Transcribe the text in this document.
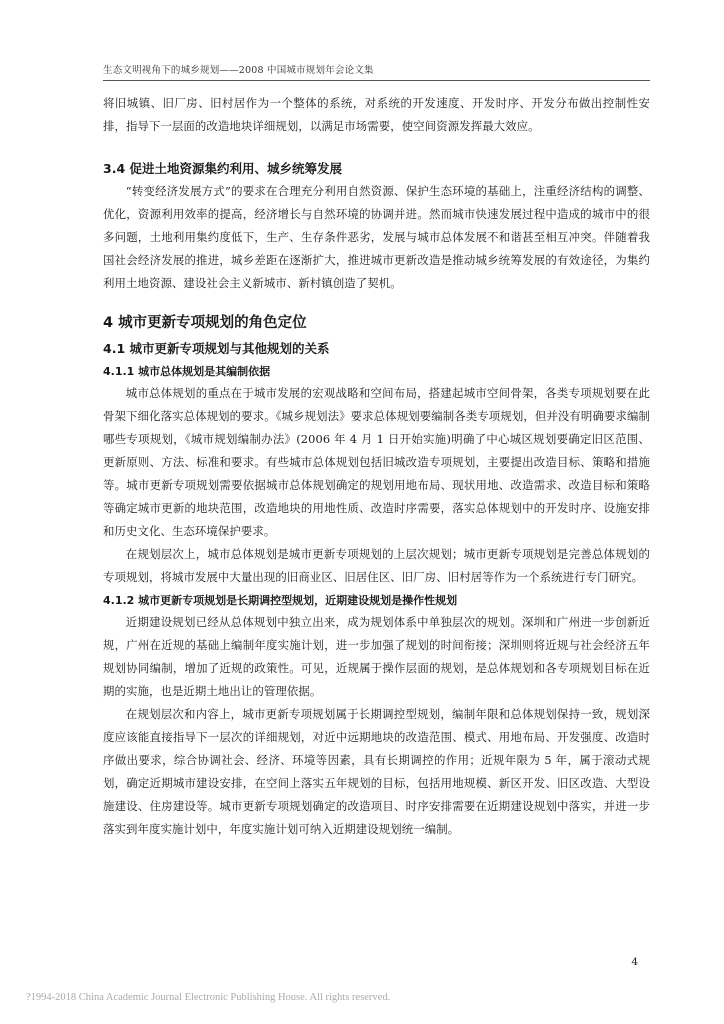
生态文明视角下的城乡规划——2008 中国城市规划年会论文集

将旧城镇、旧厂房、旧村居作为一个整体的系统，对系统的开发速度、开发时序、开发分布做出控制性安排，指导下一层面的改造地块详细规划，以满足市场需要，使空间资源发挥最大效应。

3.4 促进土地资源集约利用、城乡统筹发展

“转变经济发展方式”的要求在合理充分利用自然资源、保护生态环境的基础上，注重经济结构的调整、优化，资源利用效率的提高，经济增长与自然环境的协调并进。然而城市快速发展过程中造成的城市中的很多问题，土地利用集约度低下，生产、生存条件恶劣，发展与城市总体发展不和谐甚至相互冲突。伴随着我国社会经济发展的推进，城乡差距在逐渐扩大，推进城市更新改造是推动城乡统筹发展的有效途径，为集约利用土地资源、建设社会主义新城市、新村镇创造了契机。

4 城市更新专项规划的角色定位
4.1 城市更新专项规划与其他规划的关系
4.1.1 城市总体规划是其编制依据

城市总体规划的重点在于城市发展的宏观战略和空间布局，搭建起城市空间骨架，各类专项规划要在此骨架下细化落实总体规划的要求。《城乡规划法》要求总体规划要编制各类专项规划，但并没有明确要求编制哪些专项规划，《城市规划编制办法》(2006 年 4 月 1 日开始实施)明确了中心城区规划要确定旧区范围、更新原则、方法、标准和要求。有些城市总体规划包括旧城改造专项规划，主要提出改造目标、策略和措施等。城市更新专项规划需要依据城市总体规划确定的规划用地布局、现状用地、改造需求、改造目标和策略等确定城市更新的地块范围，改造地块的用地性质、改造时序需要，落实总体规划中的开发时序、设施安排和历史文化、生态环境保护要求。

在规划层次上，城市总体规划是城市更新专项规划的上层次规划；城市更新专项规划是完善总体规划的专项规划，将城市发展中大量出现的旧商业区、旧居住区、旧厂房、旧村居等作为一个系统进行专门研究。

4.1.2 城市更新专项规划是长期调控型规划，近期建设规划是操作性规划

近期建设规划已经从总体规划中独立出来，成为规划体系中单独层次的规划。深圳和广州进一步创新近规，广州在近规的基础上编制年度实施计划，进一步加强了规划的时间衔接；深圳则将近规与社会经济五年规划协同编制，增加了近规的政策性。可见，近规属于操作层面的规划，是总体规划和各专项规划目标在近期的实施，也是近期土地出让的管理依据。

在规划层次和内容上，城市更新专项规划属于长期调控型规划，编制年限和总体规划保持一致，规划深度应该能直接指导下一层次的详细规划，对近中远期地块的改造范围、模式、用地布局、开发强度、改造时序做出要求，综合协调社会、经济、环境等因素，具有长期调控的作用；近规年限为 5 年，属于滚动式规划，确定近期城市建设安排，在空间上落实五年规划的目标，包括用地规模、新区开发、旧区改造、大型设施建设、住房建设等。城市更新专项规划确定的改造项目、时序安排需要在近期建设规划中落实，并进一步落实到年度实施计划中，年度实施计划可纳入近期建设规划统一编制。

4
?1994-2018 China Academic Journal Electronic Publishing House. All rights reserved.
